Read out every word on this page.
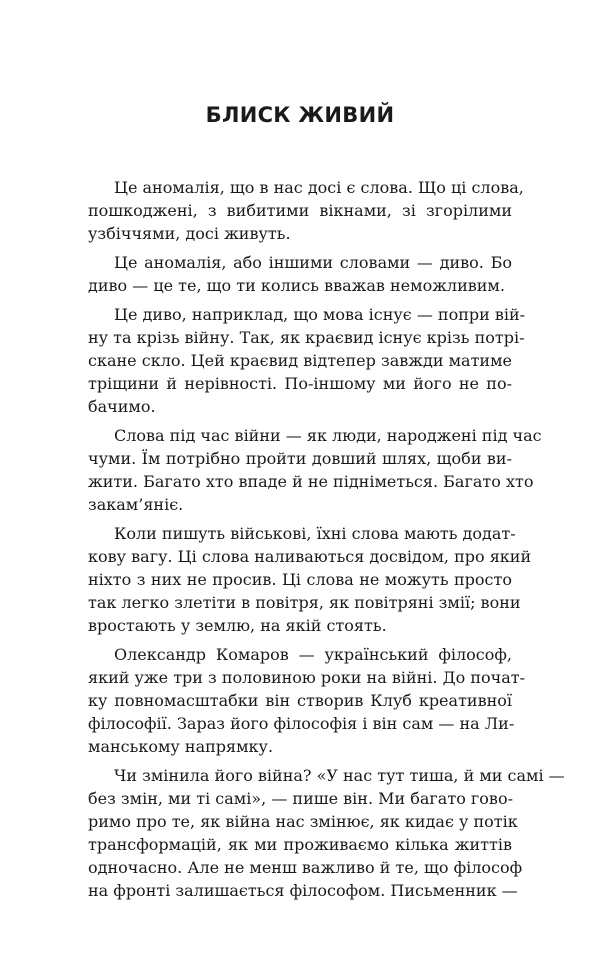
БЛИСК ЖИВИЙ
Це аномалія, що в нас досі є слова. Що ці слова,
пошкоджені, з вибитими вікнами, зі згорілими
узбіччями, досі живуть.
Це аномалія, або іншими словами — диво. Бо
диво — це те, що ти колись вважав неможливим.
Це диво, наприклад, що мова існує — попри вій-
ну та крізь війну. Так, як краєвид існує крізь потрі-
скане скло. Цей краєвид відтепер завжди матиме
тріщини й нерівності. По-іншому ми його не по-
бачимо.
Слова під час війни — як люди, народжені під час
чуми. Їм потрібно пройти довший шлях, щоби ви-
жити. Багато хто впаде й не підніметься. Багато хто
закам’яніє.
Коли пишуть військові, їхні слова мають додат-
кову вагу. Ці слова наливаються досвідом, про який
ніхто з них не просив. Ці слова не можуть просто
так легко злетіти в повітря, як повітряні змії; вони
вростають у землю, на якій стоять.
Олександр Комаров — український філософ,
який уже три з половиною роки на війні. До почат-
ку повномасштабки він створив Клуб креативної
філософії. Зараз його філософія і він сам — на Ли-
манському напрямку.
Чи змінила його війна? «У нас тут тиша, й ми самі —
без змін, ми ті самі», — пише він. Ми багато гово-
римо про те, як війна нас змінює, як кидає у потік
трансформацій, як ми проживаємо кілька життів
одночасно. Але не менш важливо й те, що філософ
на фронті залишається філософом. Письменник —
